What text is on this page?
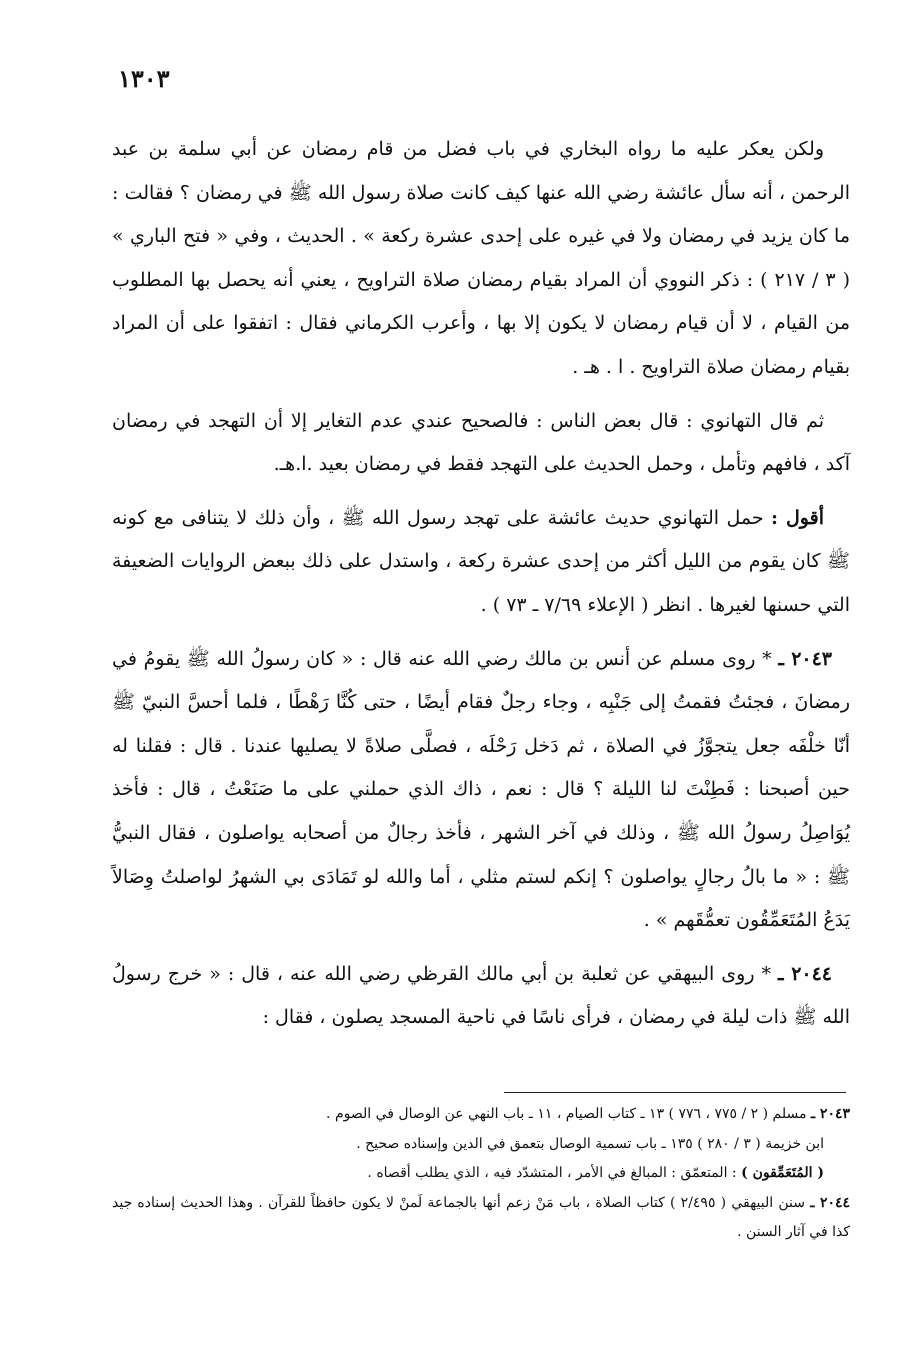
١٣٠٣

ولكن يعكر عليه ما رواه البخاري في باب فضل من قام رمضان عن أبي سلمة بن عبد الرحمن ، أنه سأل عائشة رضي الله عنها كيف كانت صلاة رسول الله ﷺ في رمضان ؟ فقالت : ما كان يزيد في رمضان ولا في غيره على إحدى عشرة ركعة » . الحديث ، وفي « فتح الباري » ( ٣ / ٢١٧ ) : ذكر النووي أن المراد بقيام رمضان صلاة التراويح ، يعني أنه يحصل بها المطلوب من القيام ، لا أن قيام رمضان لا يكون إلا بها ، وأعرب الكرماني فقال : اتفقوا على أن المراد بقيام رمضان صلاة التراويح . ا . هـ .

ثم قال التهانوي : قال بعض الناس : فالصحيح عندي عدم التغاير إلا أن التهجد في رمضان آكد ، فافهم وتأمل ، وحمل الحديث على التهجد فقط في رمضان بعيد .ا.هـ.

أقول : حمل التهانوي حديث عائشة على تهجد رسول الله ﷺ ، وأن ذلك لا يتنافى مع كونه ﷺ كان يقوم من الليل أكثر من إحدى عشرة ركعة ، واستدل على ذلك ببعض الروايات الضعيفة التي حسنها لغيرها . انظر ( الإعلاء ٧/٦٩ ـ ٧٣ ) .

٢٠٤٣ ـ * روى مسلم عن أنس بن مالك رضي الله عنه قال : « كان رسولُ الله ﷺ يقومُ في رمضانَ ، فجئتُ فقمتُ إلى جَنْبِه ، وجاء رجلٌ فقام أيضًا ، حتى كُنَّا رَهْطًا ، فلما أحسَّ النبيّ ﷺ أنّا خلْفَه جعل يتجوَّزُ في الصلاة ، ثم دَخل رَحْلَه ، فصلَّى صلاةً لا يصليها عندنا . قال : فقلنا له حين أصبحنا : فَطِنْتَ لنا الليلة ؟ قال : نعم ، ذاك الذي حملني على ما صَنَعْتُ ، قال : فأخذ يُوَاصِلُ رسولُ الله ﷺ ، وذلك في آخر الشهر ، فأخذ رجالٌ من أصحابه يواصلون ، فقال النبيُّ ﷺ : « ما بالُ رجالٍ يواصلون ؟ إنكم لستم مثلي ، أما والله لو تَمَادَى بي الشهرُ لواصلتُ وِصَالاً يَدَعُ المُتَعَمِّقُون تعمُّقَهم » .

٢٠٤٤ ـ * روى البيهقي عن ثعلبة بن أبي مالك القرظي رضي الله عنه ، قال : « خرج رسولُ الله ﷺ ذات ليلة في رمضان ، فرأى ناسًا في ناحية المسجد يصلون ، فقال :

٢٠٤٣ ـ مسلم ( ٢ / ٧٧٥ ، ٧٧٦ ) ١٣ ـ كتاب الصيام ، ١١ ـ باب النهي عن الوصال في الصوم .

ابن خزيمة ( ٣ / ٢٨٠ ) ١٣٥ ـ باب تسمية الوصال بتعمق في الدين وإسناده صحيح .

( المُتَعَمِّقون ) : المتعمّق : المبالغ في الأمر ، المتشدّد فيه ، الذي يطلب أقصاه .

٢٠٤٤ ـ سنن البيهقي ( ٢/٤٩٥ ) كتاب الصلاة ، باب مَنْ زعم أنها بالجماعة لَمنْ لا يكون حافظاً للقرآن . وهذا الحديث إسناده جيد كذا في آثار السنن .
